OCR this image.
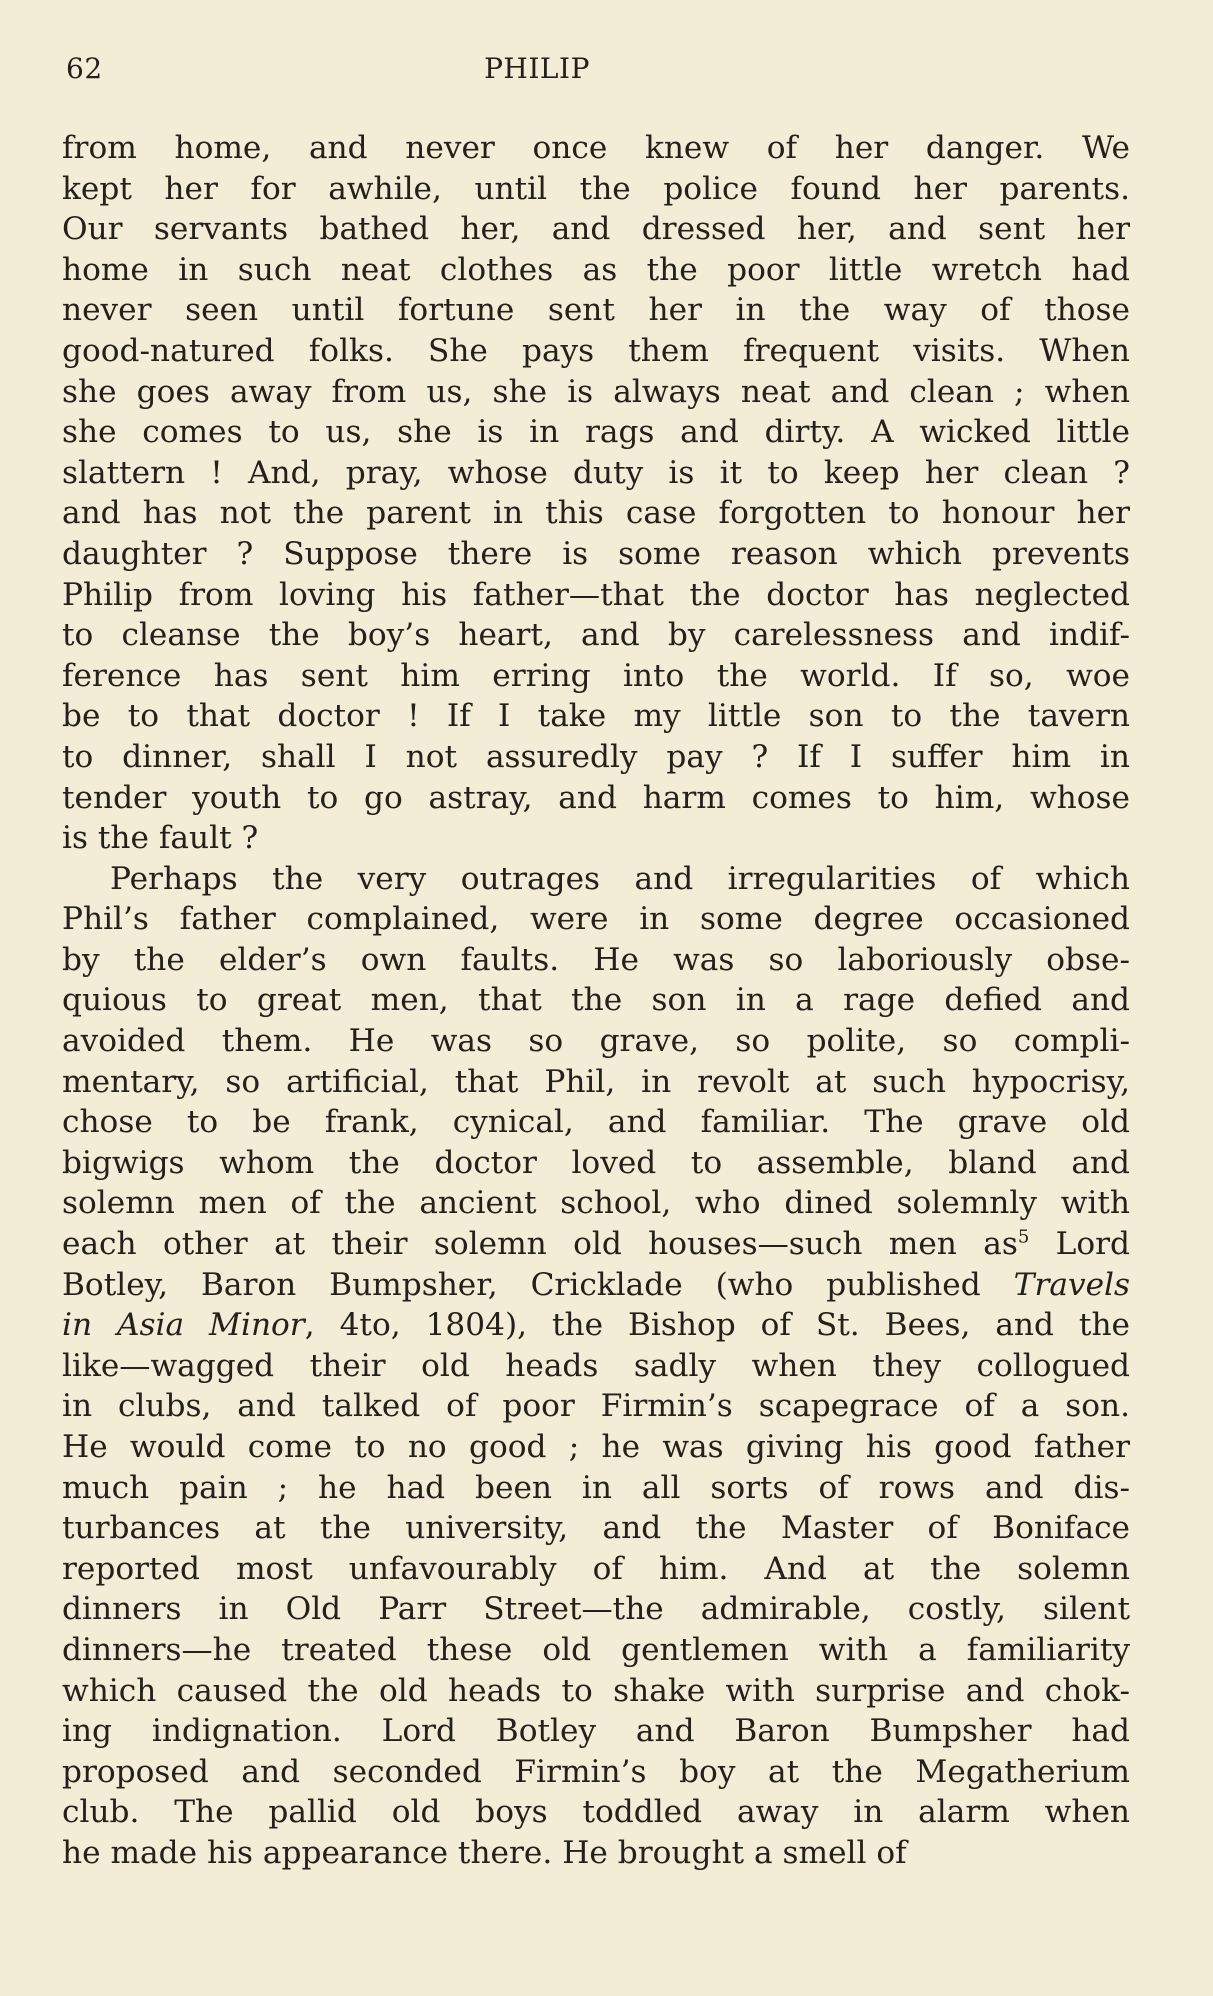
62	PHILIP
from home, and never once knew of her danger. We
kept her for awhile, until the police found her parents.
Our servants bathed her, and dressed her, and sent her
home in such neat clothes as the poor little wretch had
never seen until fortune sent her in the way of those
good-natured folks. She pays them frequent visits. When
she goes away from us, she is always neat and clean ; when
she comes to us, she is in rags and dirty. A wicked little
slattern ! And, pray, whose duty is it to keep her clean ?
and has not the parent in this case forgotten to honour her
daughter ? Suppose there is some reason which prevents
Philip from loving his father—that the doctor has neglected
to cleanse the boy’s heart, and by carelessness and indif-
ference has sent him erring into the world. If so, woe
be to that doctor ! If I take my little son to the tavern
to dinner, shall I not assuredly pay ? If I suffer him in
tender youth to go astray, and harm comes to him, whose
is the fault ?
Perhaps the very outrages and irregularities of which
Phil’s father complained, were in some degree occasioned
by the elder’s own faults. He was so laboriously obse-
quious to great men, that the son in a rage defied and
avoided them. He was so grave, so polite, so compli-
mentary, so artificial, that Phil, in revolt at such hypocrisy,
chose to be frank, cynical, and familiar. The grave old
bigwigs whom the doctor loved to assemble, bland and
solemn men of the ancient school, who dined solemnly with
each other at their solemn old houses—such men $as^5$ Lord
Botley, Baron Bumpsher, Cricklade (who published Travels
in Asia Minor, 4to, 1804), the Bishop of St. Bees, and the
like—wagged their old heads sadly when they collogued
in clubs, and talked of poor Firmin’s scapegrace of a son.
He would come to no good ; he was giving his good father
much pain ; he had been in all sorts of rows and dis-
turbances at the university, and the Master of Boniface
reported most unfavourably of him. And at the solemn
dinners in Old Parr Street—the admirable, costly, silent
dinners—he treated these old gentlemen with a familiarity
which caused the old heads to shake with surprise and chok-
ing indignation. Lord Botley and Baron Bumpsher had
proposed and seconded Firmin’s boy at the Megatherium
club. The pallid old boys toddled away in alarm when
he made his appearance there. He brought a smell of
